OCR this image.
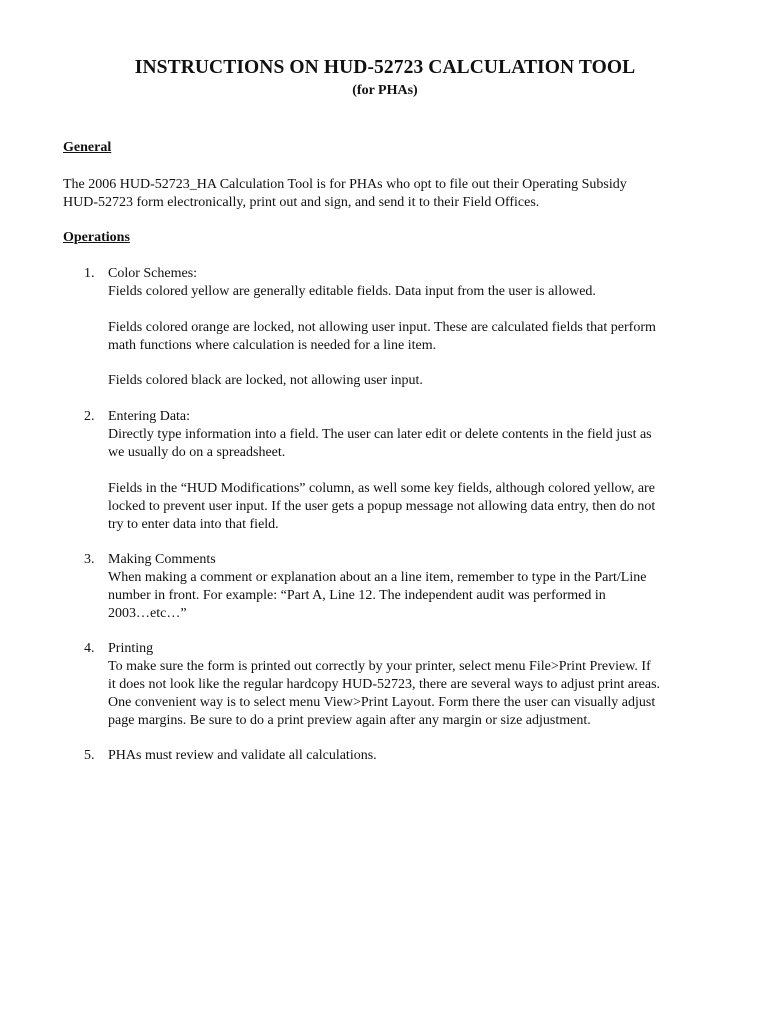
INSTRUCTIONS ON HUD-52723 CALCULATION TOOL
(for PHAs)
General

The 2006 HUD-52723_HA Calculation Tool is for PHAs who opt to file out their Operating Subsidy
HUD-52723 form electronically, print out and sign, and send it to their Field Offices.

Operations
1. Color Schemes:
Fields colored yellow are generally editable fields. Data input from the user is allowed.
Fields colored orange are locked, not allowing user input. These are calculated fields that perform
math functions where calculation is needed for a line item.
Fields colored black are locked, not allowing user input.
2. Entering Data:
Directly type information into a field. The user can later edit or delete contents in the field just as
we usually do on a spreadsheet.
Fields in the “HUD Modifications” column, as well some key fields, although colored yellow, are
locked to prevent user input. If the user gets a popup message not allowing data entry, then do not
try to enter data into that field.
3. Making Comments
When making a comment or explanation about an a line item, remember to type in the Part/Line
number in front. For example: “Part A, Line 12. The independent audit was performed in
2003…etc…”
4. Printing
To make sure the form is printed out correctly by your printer, select menu File>Print Preview. If
it does not look like the regular hardcopy HUD-52723, there are several ways to adjust print areas.
One convenient way is to select menu View>Print Layout. Form there the user can visually adjust
page margins. Be sure to do a print preview again after any margin or size adjustment.
5. PHAs must review and validate all calculations.
